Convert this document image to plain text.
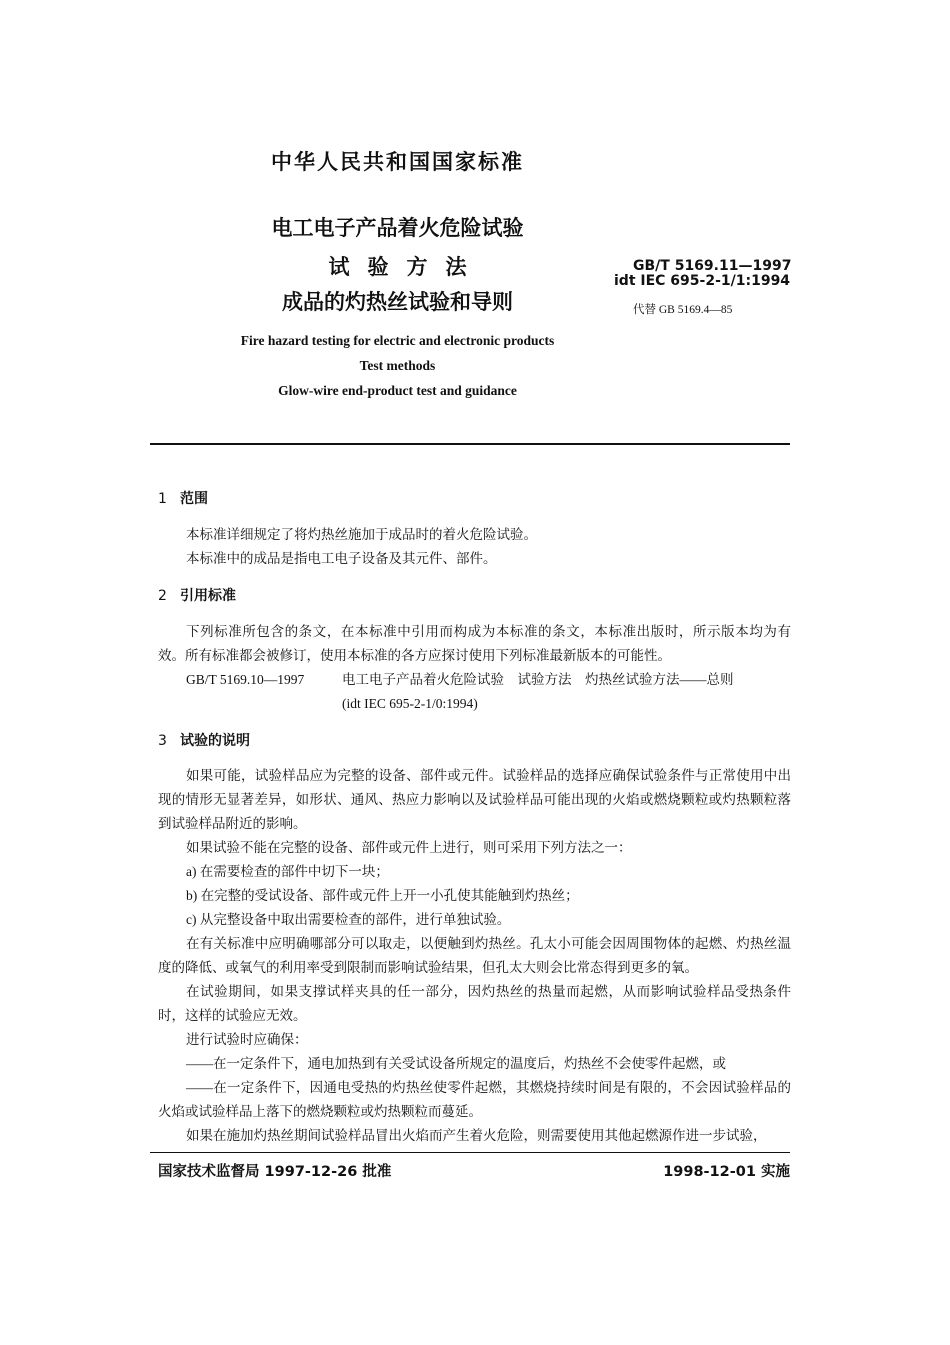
中华人民共和国国家标准
电工电子产品着火危险试验
试验方法
成品的灼热丝试验和导则
GB/T 5169.11—1997
idt IEC 695-2-1/1:1994
代替 GB 5169.4—85
Fire hazard testing for electric and electronic products
Test methods
Glow-wire end-product test and guidance
1 范围
本标准详细规定了将灼热丝施加于成品时的着火危险试验。
本标准中的成品是指电工电子设备及其元件、部件。
2 引用标准
下列标准所包含的条文，在本标准中引用而构成为本标准的条文，本标准出版时，所示版本均为有效。所有标准都会被修订，使用本标准的各方应探讨使用下列标准最新版本的可能性。
GB/T 5169.10—1997	电工电子产品着火危险试验　试验方法　灼热丝试验方法——总则
(idt IEC 695-2-1/0:1994)
3 试验的说明
如果可能，试验样品应为完整的设备、部件或元件。试验样品的选择应确保试验条件与正常使用中出现的情形无显著差异，如形状、通风、热应力影响以及试验样品可能出现的火焰或燃烧颗粒或灼热颗粒落到试验样品附近的影响。
如果试验不能在完整的设备、部件或元件上进行，则可采用下列方法之一：
a) 在需要检查的部件中切下一块；
b) 在完整的受试设备、部件或元件上开一小孔使其能触到灼热丝；
c) 从完整设备中取出需要检查的部件，进行单独试验。
在有关标准中应明确哪部分可以取走，以便触到灼热丝。孔太小可能会因周围物体的起燃、灼热丝温度的降低、或氧气的利用率受到限制而影响试验结果，但孔太大则会比常态得到更多的氧。
在试验期间，如果支撑试样夹具的任一部分，因灼热丝的热量而起燃，从而影响试验样品受热条件时，这样的试验应无效。
进行试验时应确保：
——在一定条件下，通电加热到有关受试设备所规定的温度后，灼热丝不会使零件起燃，或
——在一定条件下，因通电受热的灼热丝使零件起燃，其燃烧持续时间是有限的，不会因试验样品的火焰或试验样品上落下的燃烧颗粒或灼热颗粒而蔓延。
如果在施加灼热丝期间试验样品冒出火焰而产生着火危险，则需要使用其他起燃源作进一步试验，
国家技术监督局 1997-12-26 批准	1998-12-01 实施
